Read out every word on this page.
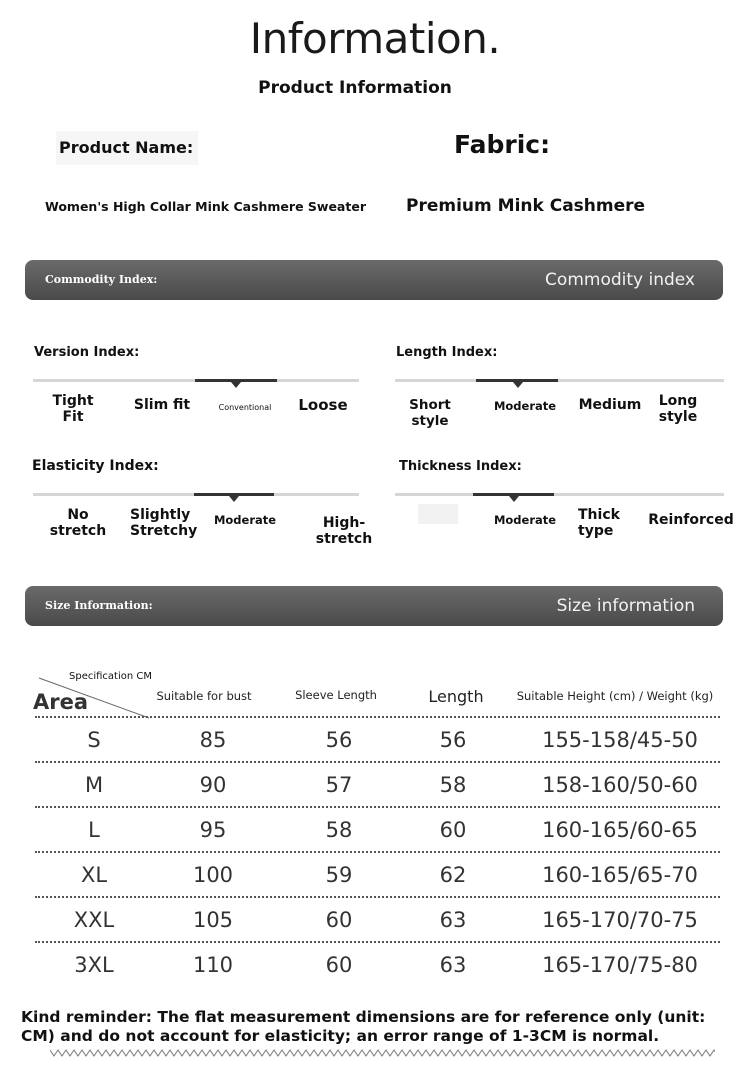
Information.
Product Information
Product Name:	Fabric:
Women's High Collar Mink Cashmere Sweater Premium Mink Cashmere
Commodity Index:	Commodity index
Version Index:
Tight
Fit
Slim fit	Conventional	Loose
Length Index:
Short style
Moderate	Medium	Long
style
Elasticity Index:
No
stretch
Slightly
Stretchy
Moderate	High-stretch
Thickness Index:
Moderate	Thick
type
Reinforced
Size Information:	Size information
Specification CM
Area	Suitable for bust	Sleeve Length	Length	Suitable Height (cm) / Weight (kg)
S	85	56	56	155-158/45-50
M	90	57	58	158-160/50-60
L	95	58	60	160-165/60-65
XL	100	59	62	160-165/65-70
XXL	105	60	63	165-170/70-75
3XL	110	60	63	165-170/75-80
Kind reminder: The flat measurement dimensions are for reference only (unit: CM) and do not account for elasticity; an error range of 1-3CM is normal.
